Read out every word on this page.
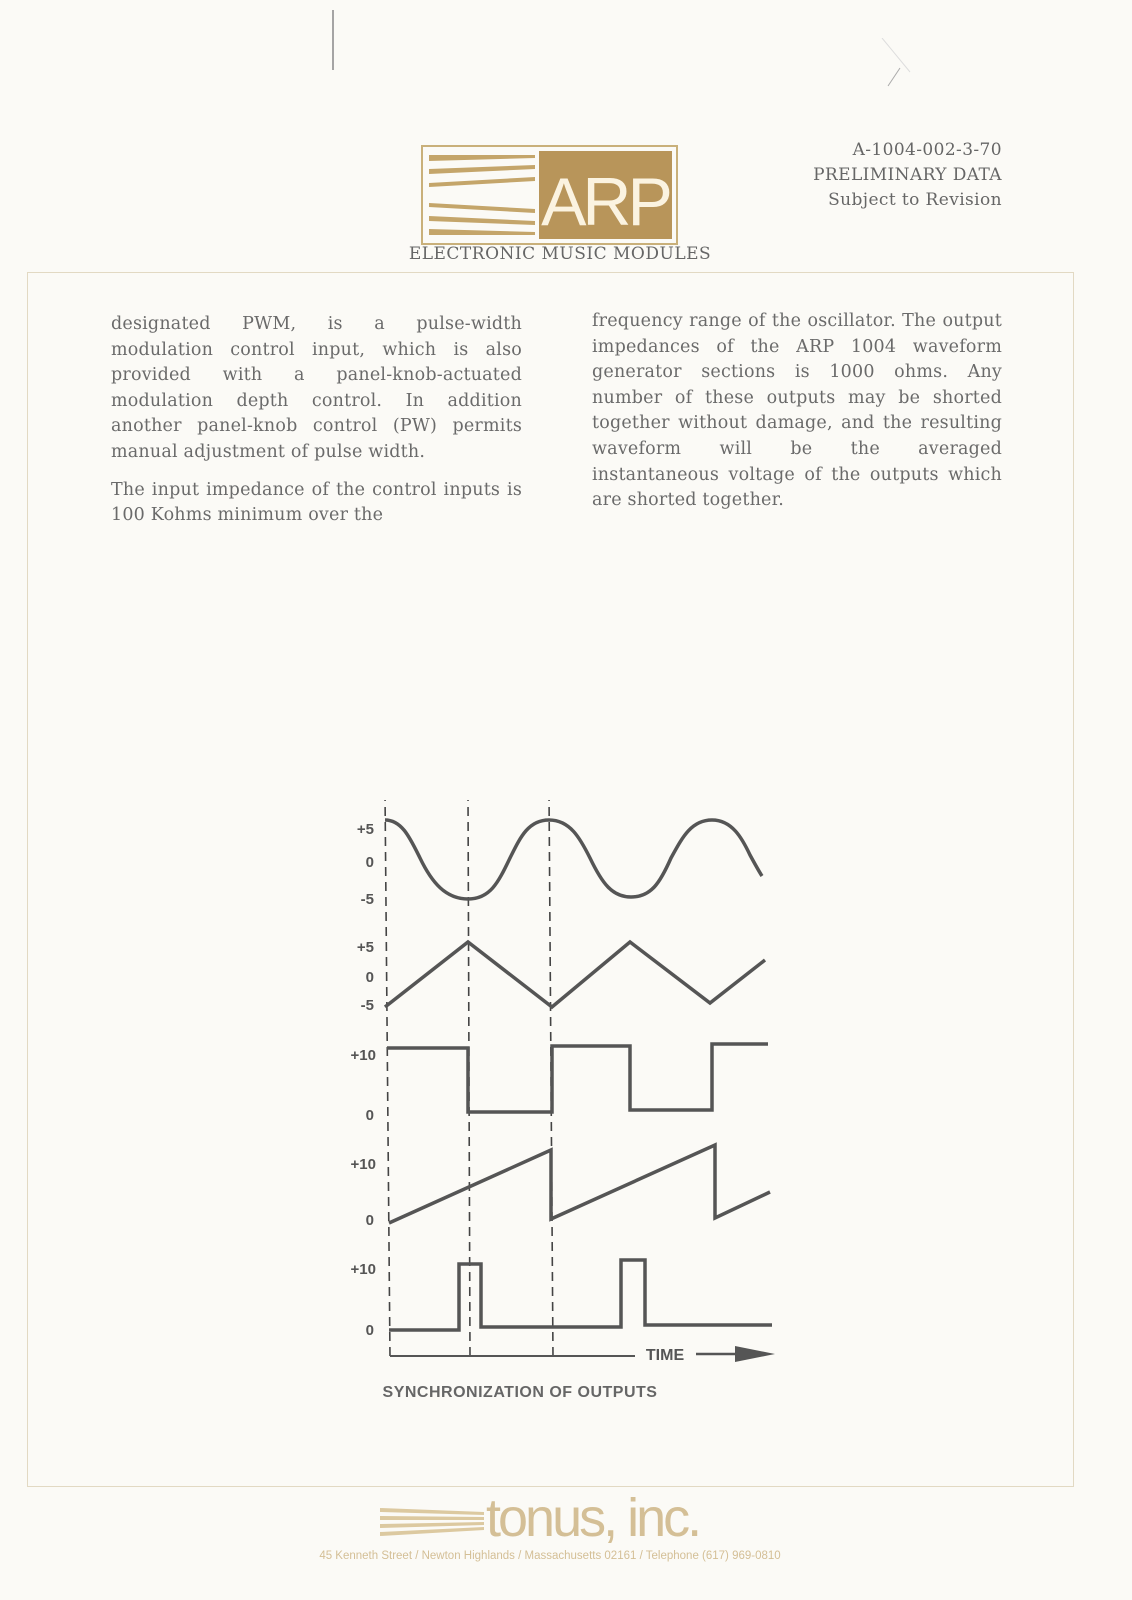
ARP
ELECTRONIC MUSIC MODULES
A-1004-002-3-70
PRELIMINARY DATA
Subject to Revision

designated PWM, is a pulse-width modulation control input, which is also provided with a panel-knob-actuated modulation depth control. In addition another panel-knob control (PW) permits manual adjustment of pulse width.

The input impedance of the control inputs is 100 Kohms minimum over the

frequency range of the oscillator. The output impedances of the ARP 1004 waveform generator sections is 1000 ohms. Any number of these outputs may be shorted together without damage, and the resulting waveform will be the averaged instantaneous voltage of the outputs which are shorted together.

+5
0
-5
+5
0
-5
+10
0
+10
0
+10
0
TIME
SYNCHRONIZATION OF OUTPUTS
tonus, inc.
45 Kenneth Street / Newton Highlands / Massachusetts 02161 / Telephone (617) 969-0810
